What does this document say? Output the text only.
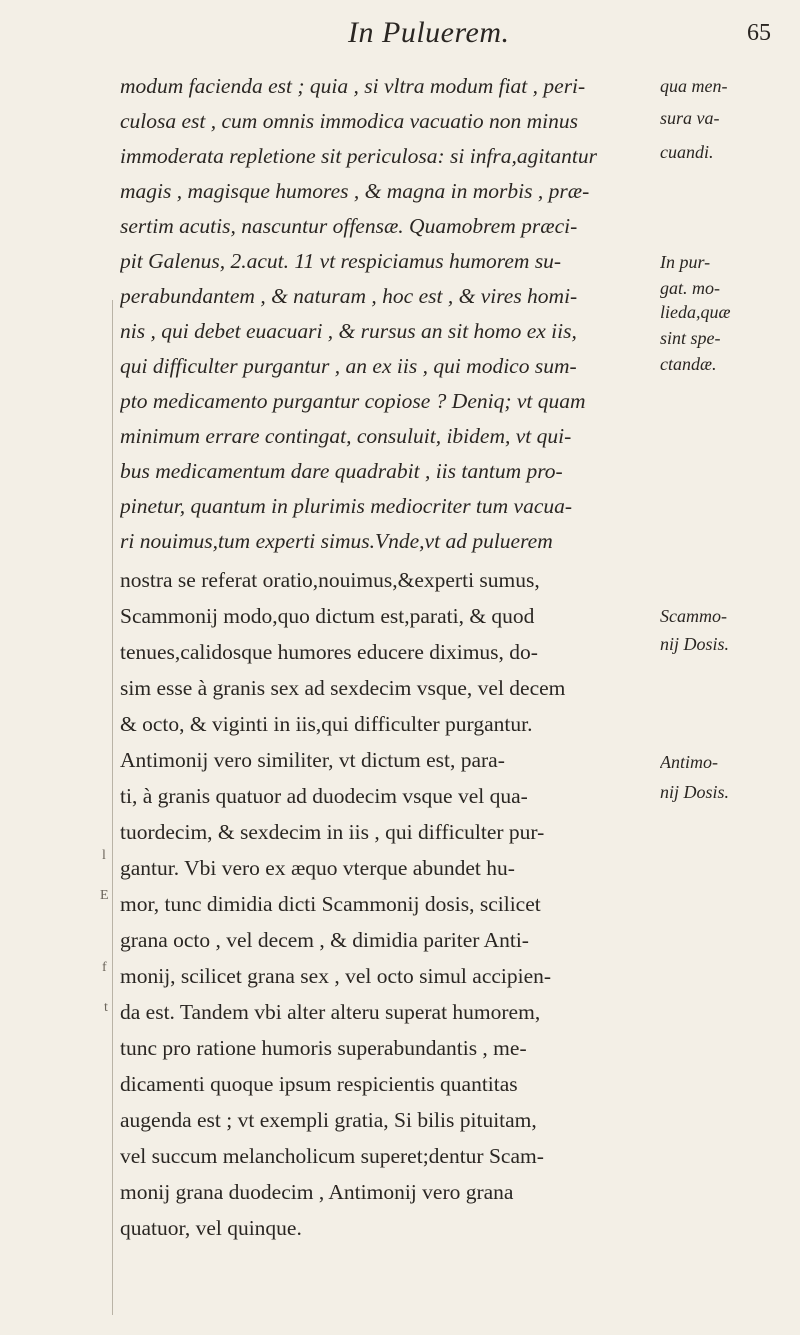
In Puluerem.	65
modum facienda est ; quia , si vltra modum fiat , peri-
culosa est , cum omnis immodica vacuatio non minus
immoderata repletione sit periculosa: si infra,agitantur
magis , magisque humores , & magna in morbis , præ-
sertim acutis, nascuntur offensæ. Quamobrem præci-
pit Galenus, 2.acut. 11 vt respiciamus humorem su-
perabundantem , & naturam , hoc est , & vires homi-
nis , qui debet euacuari , & rursus an sit homo ex iis,
qui difficulter purgantur , an ex iis , qui modico sum-
pto medicamento purgantur copiose ? Deniq; vt quam
minimum errare contingat, consuluit, ibidem, vt qui-
bus medicamentum dare quadrabit , iis tantum pro-
pinetur, quantum in plurimis mediocriter tum vacua-
ri nouimus,tum experti simus.Vnde,vt ad puluerem
nostra se referat oratio,nouimus,&experti sumus,
Scammonij modo,quo dictum est,parati, & quod
tenues,calidosque humores educere diximus, do-
sim esse à granis sex ad sexdecim vsque, vel decem
& octo, & viginti in iis,qui difficulter purgantur.
Antimonij vero similiter, vt dictum est, para-
ti, à granis quatuor ad duodecim vsque vel qua-
tuordecim, & sexdecim in iis , qui difficulter pur-
gantur. Vbi vero ex æquo vterque abundet hu-
mor, tunc dimidia dicti Scammonij dosis, scilicet
grana octo , vel decem , & dimidia pariter Anti-
monij, scilicet grana sex , vel octo simul accipien-
da est. Tandem vbi alter alteru superat humorem,
tunc pro ratione humoris superabundantis , me-
dicamenti quoque ipsum respicientis quantitas
augenda est ; vt exempli gratia, Si bilis pituitam,
vel succum melancholicum superet;dentur Scam-
monij grana duodecim , Antimonij vero grana
quatuor, vel quinque.
qua men-
sura va-
cuandi.
In pur-
gat. mo-
lieda,quæ
sint spe-
ctandæ.
Scammo-
nij Dosis.
Antimo-
nij Dosis.
l
E
f
t
